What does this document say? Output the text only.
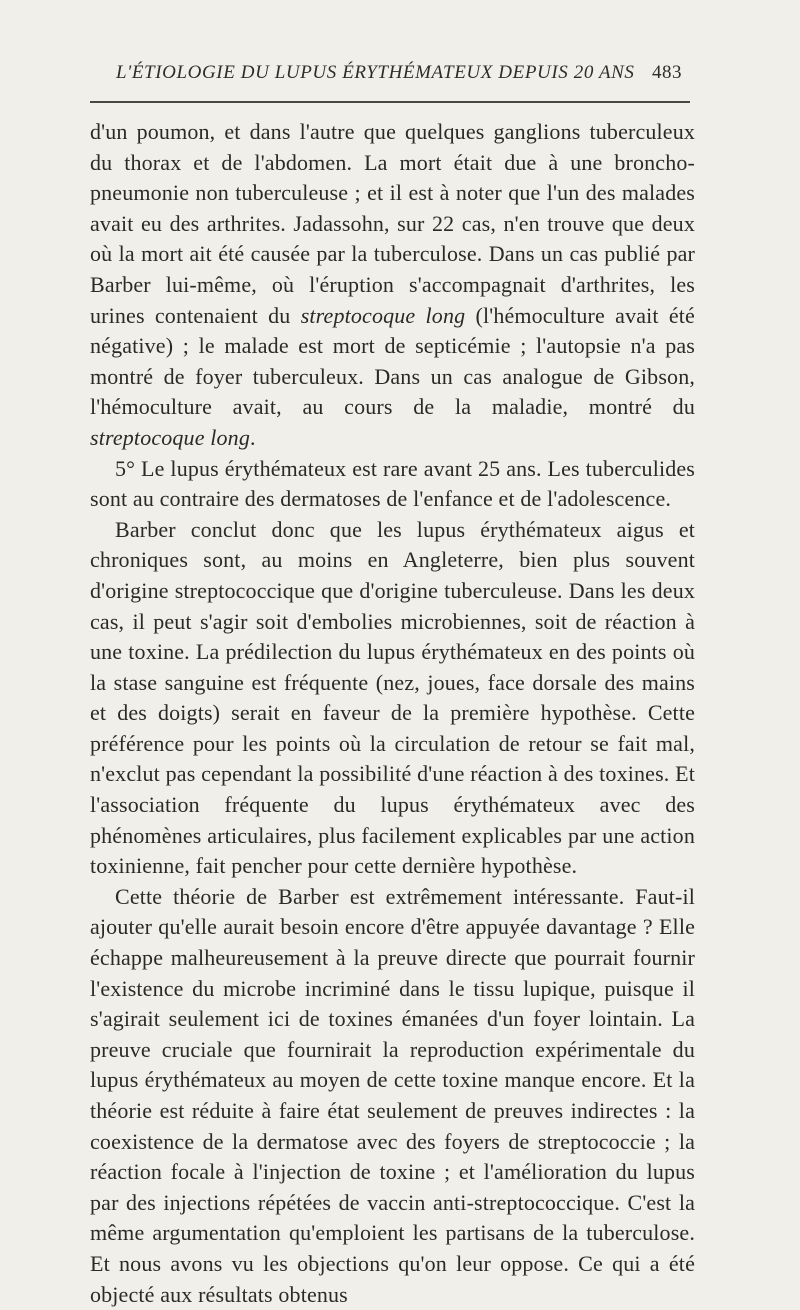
L'ÉTIOLOGIE DU LUPUS ÉRYTHÉMATEUX DEPUIS 20 ANS 483

d'un poumon, et dans l'autre que quelques ganglions tuberculeux du thorax et de l'abdomen. La mort était due à une broncho-pneumonie non tuberculeuse ; et il est à noter que l'un des malades avait eu des arthrites. Jadassohn, sur 22 cas, n'en trouve que deux où la mort ait été causée par la tuberculose. Dans un cas publié par Barber lui-même, où l'éruption s'accompagnait d'arthrites, les urines contenaient du streptocoque long (l'hémoculture avait été négative) ; le malade est mort de septicémie ; l'autopsie n'a pas montré de foyer tuberculeux. Dans un cas analogue de Gibson, l'hémoculture avait, au cours de la maladie, montré du streptocoque long.

5° Le lupus érythémateux est rare avant 25 ans. Les tuberculides sont au contraire des dermatoses de l'enfance et de l'adolescence.

Barber conclut donc que les lupus érythémateux aigus et chroniques sont, au moins en Angleterre, bien plus souvent d'origine streptococcique que d'origine tuberculeuse. Dans les deux cas, il peut s'agir soit d'embolies microbiennes, soit de réaction à une toxine. La prédilection du lupus érythémateux en des points où la stase sanguine est fréquente (nez, joues, face dorsale des mains et des doigts) serait en faveur de la première hypothèse. Cette préférence pour les points où la circulation de retour se fait mal, n'exclut pas cependant la possibilité d'une réaction à des toxines. Et l'association fréquente du lupus érythémateux avec des phénomènes articulaires, plus facilement explicables par une action toxinienne, fait pencher pour cette dernière hypothèse.

Cette théorie de Barber est extrêmement intéressante. Faut-il ajouter qu'elle aurait besoin encore d'être appuyée davantage ? Elle échappe malheureusement à la preuve directe que pourrait fournir l'existence du microbe incriminé dans le tissu lupique, puisque il s'agirait seulement ici de toxines émanées d'un foyer lointain. La preuve cruciale que fournirait la reproduction expérimentale du lupus érythémateux au moyen de cette toxine manque encore. Et la théorie est réduite à faire état seulement de preuves indirectes : la coexistence de la dermatose avec des foyers de streptococcie ; la réaction focale à l'injection de toxine ; et l'amélioration du lupus par des injections répétées de vaccin anti-streptococcique. C'est la même argumentation qu'emploient les partisans de la tuberculose. Et nous avons vu les objections qu'on leur oppose. Ce qui a été objecté aux résultats obtenus
